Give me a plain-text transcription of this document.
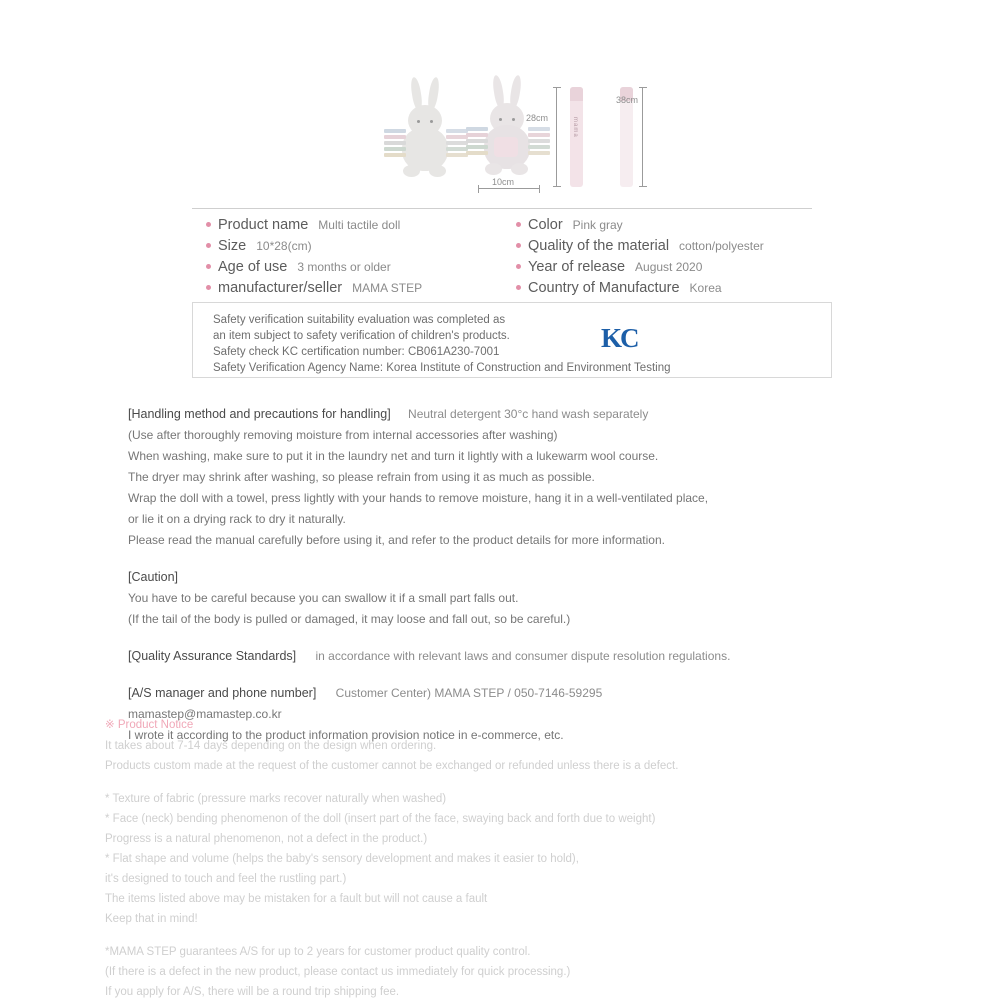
mama
28cm
10cm
38cm
Product name Multi tactile doll	Color Pink gray
Size 10*28(cm)	Quality of the material cotton/polyester
Age of use 3 months or older	Year of release August 2020
manufacturer/seller MAMA STEP	Country of Manufacture Korea
Safety verification suitability evaluation was completed as
an item subject to safety verification of children's products.
Safety check KC certification number: CB061A230-7001
Safety Verification Agency Name: Korea Institute of Construction and Environment Testing
KC
[Handling method and precautions for handling] Neutral detergent 30°c hand wash separately
(Use after thoroughly removing moisture from internal accessories after washing)
When washing, make sure to put it in the laundry net and turn it lightly with a lukewarm wool course.
The dryer may shrink after washing, so please refrain from using it as much as possible.
Wrap the doll with a towel, press lightly with your hands to remove moisture, hang it in a well-ventilated place,
or lie it on a drying rack to dry it naturally.
Please read the manual carefully before using it, and refer to the product details for more information.
[Caution]
You have to be careful because you can swallow it if a small part falls out.
(If the tail of the body is pulled or damaged, it may loose and fall out, so be careful.)
[Quality Assurance Standards] in accordance with relevant laws and consumer dispute resolution regulations.
[A/S manager and phone number] Customer Center) MAMA STEP / 050-7146-59295
mamastep@mamastep.co.kr
I wrote it according to the product information provision notice in e-commerce, etc.
※ Product Notice
It takes about 7-14 days depending on the design when ordering.
Products custom made at the request of the customer cannot be exchanged or refunded unless there is a defect.
* Texture of fabric (pressure marks recover naturally when washed)
* Face (neck) bending phenomenon of the doll (insert part of the face, swaying back and forth due to weight)
Progress is a natural phenomenon, not a defect in the product.)
* Flat shape and volume (helps the baby's sensory development and makes it easier to hold),
it's designed to touch and feel the rustling part.)
The items listed above may be mistaken for a fault but will not cause a fault
Keep that in mind!
*MAMA STEP guarantees A/S for up to 2 years for customer product quality control.
(If there is a defect in the new product, please contact us immediately for quick processing.)
If you apply for A/S, there will be a round trip shipping fee.
